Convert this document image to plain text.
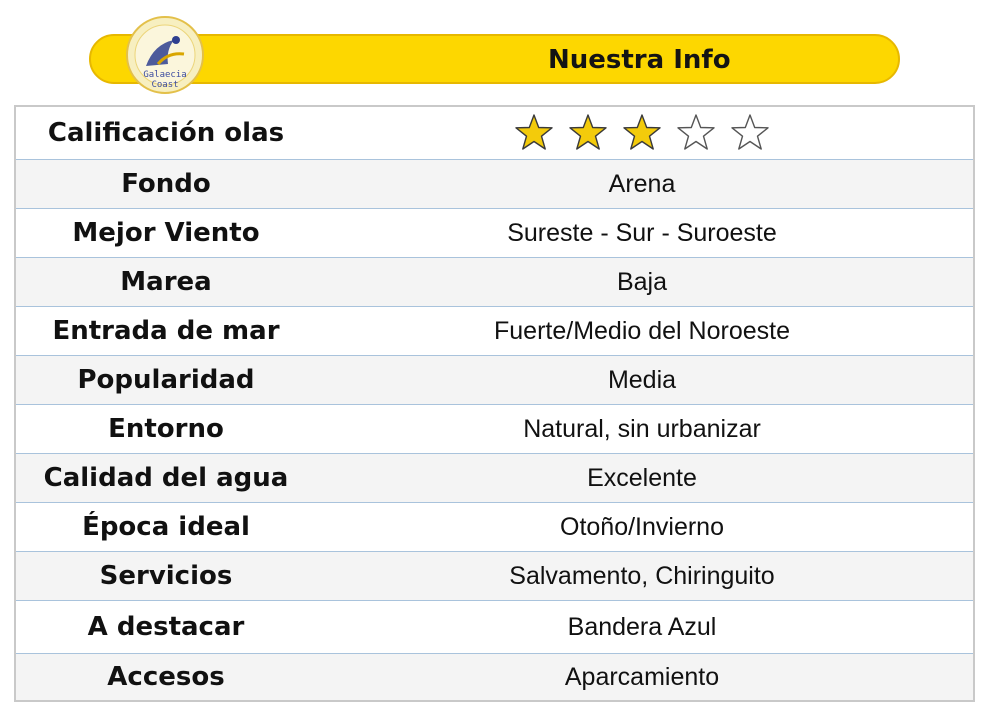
Galaecia
Coast
Nuestra Info
Calificación olas
Fondo	Arena
Mejor Viento	Sureste - Sur - Suroeste
Marea	Baja
Entrada de mar	Fuerte/Medio del Noroeste
Popularidad	Media
Entorno	Natural, sin urbanizar
Calidad del agua	Excelente
Época ideal	Otoño/Invierno
Servicios	Salvamento, Chiringuito
A destacar	Bandera Azul
Accesos	Aparcamiento
